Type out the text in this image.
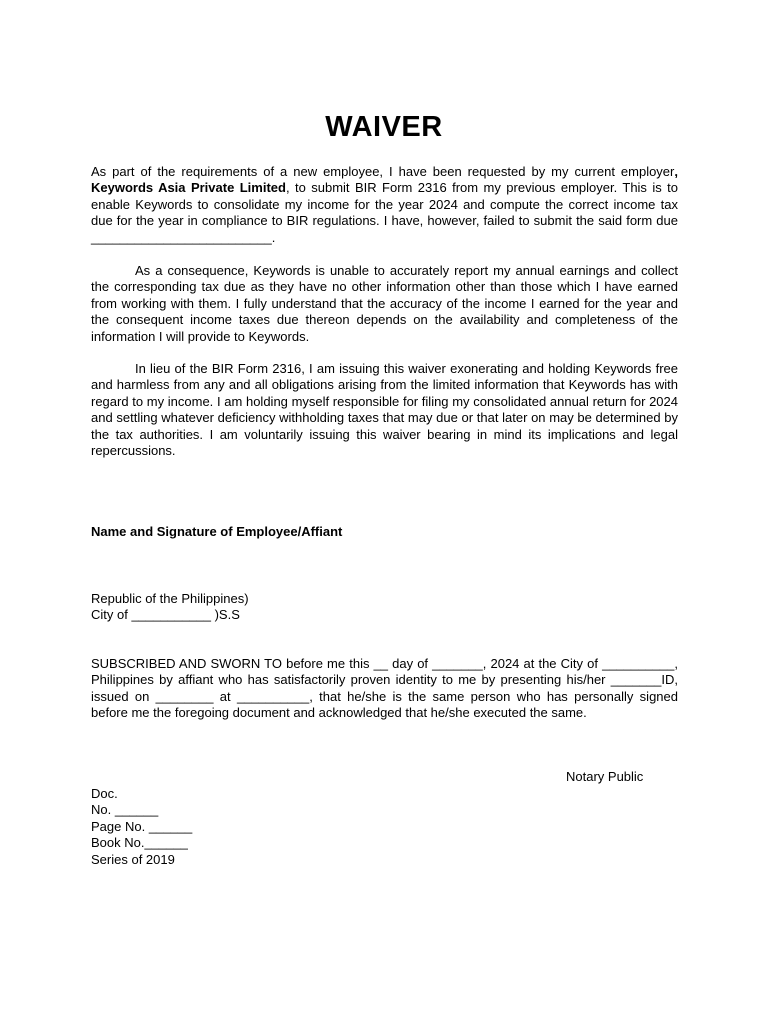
WAIVER
As part of the requirements of a new employee, I have been requested by my current employer, Keywords Asia Private Limited, to submit BIR Form 2316 from my previous employer. This is to enable Keywords to consolidate my income for the year 2024 and compute the correct income tax due for the year in compliance to BIR regulations. I have, however, failed to submit the said form due _________________________.
As a consequence, Keywords is unable to accurately report my annual earnings and collect the corresponding tax due as they have no other information other than those which I have earned from working with them. I fully understand that the accuracy of the income I earned for the year and the consequent income taxes due thereon depends on the availability and completeness of the information I will provide to Keywords.
In lieu of the BIR Form 2316, I am issuing this waiver exonerating and holding Keywords free and harmless from any and all obligations arising from the limited information that Keywords has with regard to my income. I am holding myself responsible for filing my consolidated annual return for 2024 and settling whatever deficiency withholding taxes that may due or that later on may be determined by the tax authorities. I am voluntarily issuing this waiver bearing in mind its implications and legal repercussions.
Name and Signature of Employee/Affiant
Republic of the Philippines)
City of ___________ )S.S
SUBSCRIBED AND SWORN TO before me this __ day of _______, 2024 at the City of __________, Philippines by affiant who has satisfactorily proven identity to me by presenting his/her _______ID, issued on ________ at __________, that he/she is the same person who has personally signed before me the foregoing document and acknowledged that he/she executed the same.
Notary Public
Doc.
No. ______
Page No. ______
Book No.______
Series of 2019
